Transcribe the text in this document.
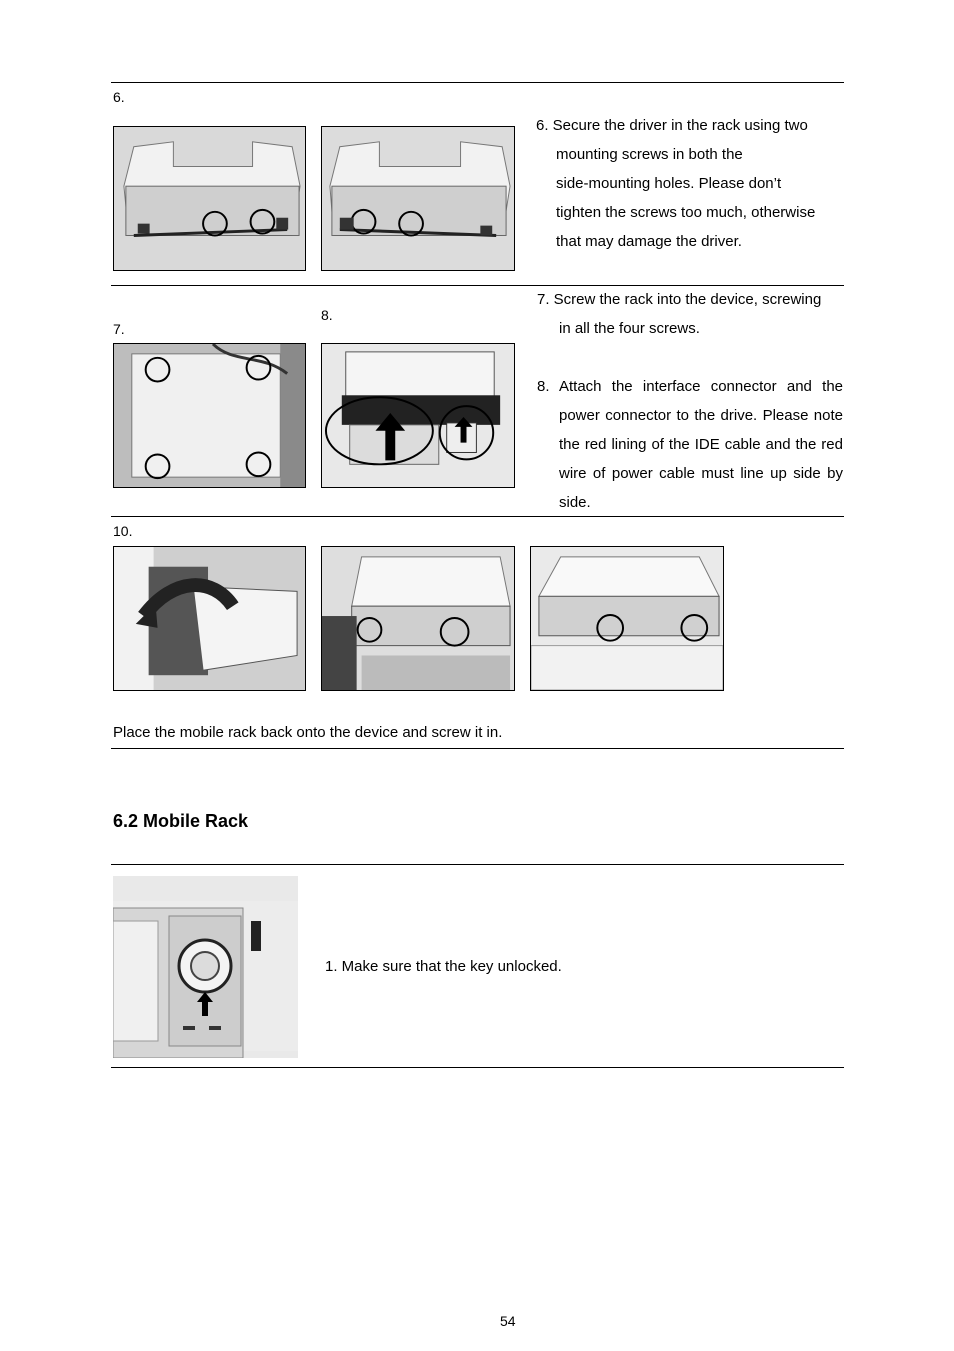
6.
6. Secure the driver in the rack using two
mounting screws in both the
side-mounting holes. Please don’t
tighten the screws too much, otherwise
that may damage the driver.
7.
8.
7. Screw the rack into the device, screwing
in all the four screws.
8. Attach the interface connector and the power connector to the drive. Please note the red lining of the IDE cable and the red wire of power cable must line up side by side.
10.
Place the mobile rack back onto the device and screw it in.
6.2 Mobile Rack
1. Make sure that the key unlocked.
54
